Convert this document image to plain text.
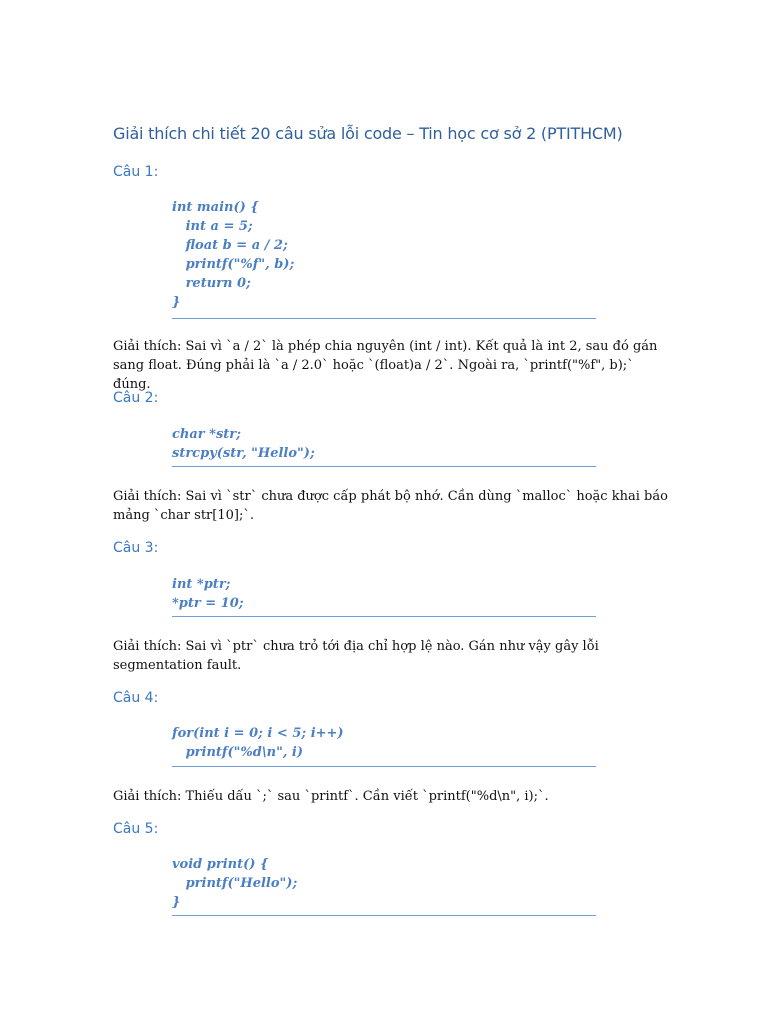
Giải thích chi tiết 20 câu sửa lỗi code – Tin học cơ sở 2 (PTITHCM)
Câu 1:
int main() {
int a = 5;
float b = a / 2;
printf("%f", b);
return 0;
}
Giải thích: Sai vì `a / 2` là phép chia nguyên (int / int). Kết quả là int 2, sau đó gán sang float. Đúng phải là `a / 2.0` hoặc `(float)a / 2`. Ngoài ra, `printf("%f", b);` đúng.
Câu 2:
char *str;
strcpy(str, "Hello");
Giải thích: Sai vì `str` chưa được cấp phát bộ nhớ. Cần dùng `malloc` hoặc khai báo mảng `char str[10];`.
Câu 3:
int *ptr;
*ptr = 10;
Giải thích: Sai vì `ptr` chưa trỏ tới địa chỉ hợp lệ nào. Gán như vậy gây lỗi segmentation fault.
Câu 4:
for(int i = 0; i < 5; i++)
printf("%d\n", i)
Giải thích: Thiếu dấu `;` sau `printf`. Cần viết `printf("%d\n", i);`.
Câu 5:
void print() {
printf("Hello");
}
